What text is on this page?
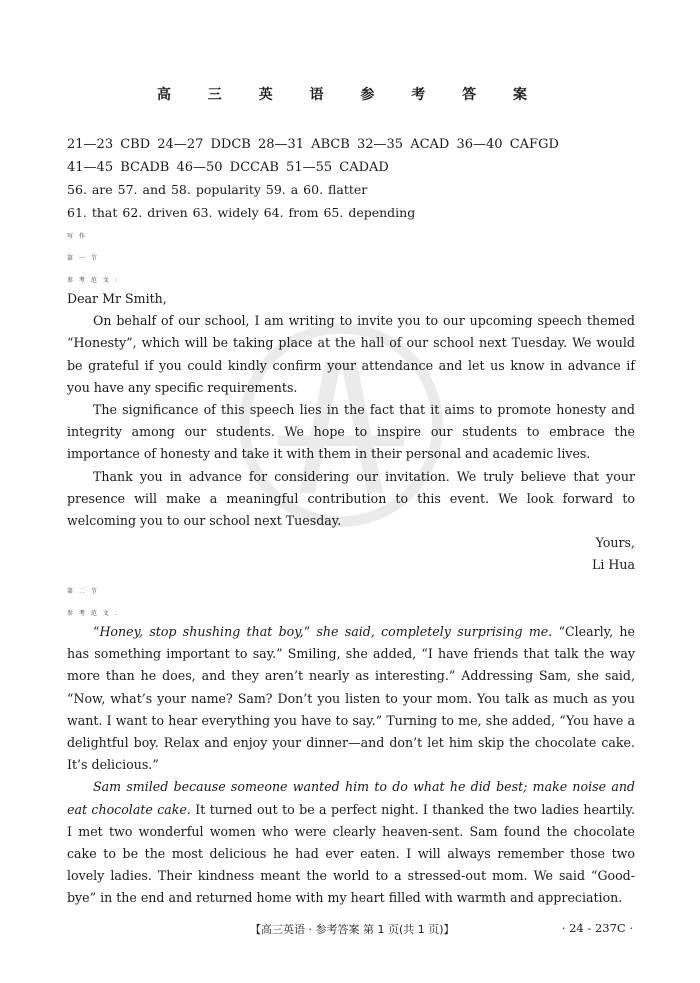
高 三 英 语 参 考 答 案
21—23 CBD 24—27 DDCB 28—31 ABCB 32—35 ACAD 36—40 CAFGD
41—45 BCADB 46—50 DCCAB 51—55 CADAD
56. are 57. and 58. popularity 59. a 60. flatter
61. that 62. driven 63. widely 64. from 65. depending
写 作
第 一 节
参 考 范 文 ：

Dear Mr Smith,

On behalf of our school, I am writing to invite you to our upcoming speech themed “Honesty”, which will be taking place at the hall of our school next Tuesday. We would be grateful if you could kindly confirm your attendance and let us know in advance if you have any specific requirements.

The significance of this speech lies in the fact that it aims to promote honesty and integrity among our students. We hope to inspire our students to embrace the importance of honesty and take it with them in their personal and academic lives.

Thank you in advance for considering our invitation. We truly believe that your presence will make a meaningful contribution to this event. We look forward to welcoming you to our school next Tuesday.

Yours,

Li Hua

第 二 节
参 考 范 文 ：

“Honey, stop shushing that boy,” she said, completely surprising me. “Clearly, he has something important to say.” Smiling, she added, “I have friends that talk the way more than he does, and they aren’t nearly as interesting.” Addressing Sam, she said, “Now, what’s your name? Sam? Don’t you listen to your mom. You talk as much as you want. I want to hear everything you have to say.” Turning to me, she added, “You have a delightful boy. Relax and enjoy your dinner—and don’t let him skip the chocolate cake. It’s delicious.”

Sam smiled because someone wanted him to do what he did best; make noise and eat chocolate cake. It turned out to be a perfect night. I thanked the two ladies heartily. I met two wonderful women who were clearly heaven-sent. Sam found the chocolate cake to be the most delicious he had ever eaten. I will always remember those two lovely ladies. Their kindness meant the world to a stressed-out mom. We said “Good-bye” in the end and returned home with my heart filled with warmth and appreciation.

【高三英语 · 参考答案 第 1 页(共 1 页)】	· 24 - 237C ·
